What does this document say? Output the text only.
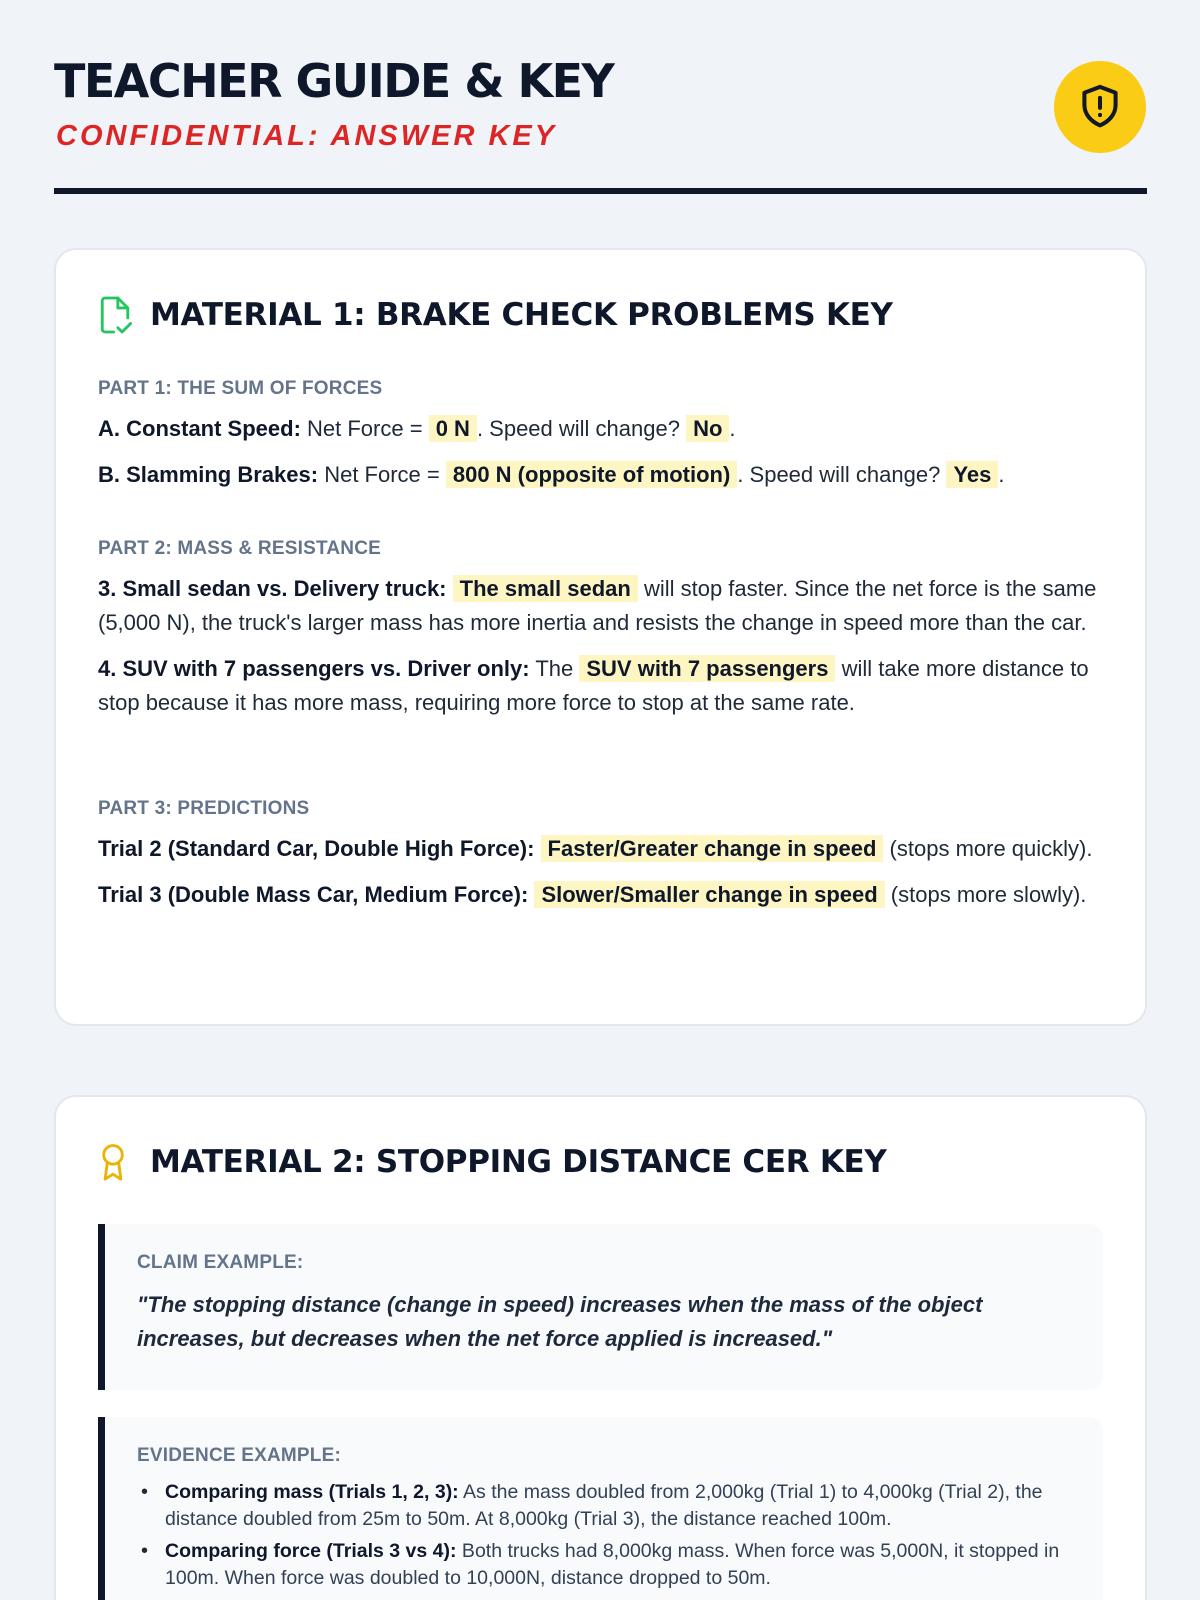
TEACHER GUIDE & KEY
CONFIDENTIAL: ANSWER KEY
MATERIAL 1: BRAKE CHECK PROBLEMS KEY
PART 1: THE SUM OF FORCES

A. Constant Speed: Net Force = 0 N . Speed will change? No .

B. Slamming Brakes: Net Force = 800 N (opposite of motion) . Speed will change? Yes .

PART 2: MASS & RESISTANCE

3. Small sedan vs. Delivery truck: The small sedan will stop faster. Since the net force is the same (5,000 N), the truck's larger mass has more inertia and resists the change in speed more than the car.

4. SUV with 7 passengers vs. Driver only: The SUV with 7 passengers will take more distance to stop because it has more mass, requiring more force to stop at the same rate.

PART 3: PREDICTIONS

Trial 2 (Standard Car, Double High Force): Faster/Greater change in speed (stops more quickly).

Trial 3 (Double Mass Car, Medium Force): Slower/Smaller change in speed (stops more slowly).

MATERIAL 2: STOPPING DISTANCE CER KEY
CLAIM EXAMPLE:
"The stopping distance (change in speed) increases when the mass of the object increases, but decreases when the net force applied is increased."
EVIDENCE EXAMPLE:
• Comparing mass (Trials 1, 2, 3): As the mass doubled from 2,000kg (Trial 1) to 4,000kg (Trial 2), the distance doubled from 25m to 50m. At 8,000kg (Trial 3), the distance reached 100m.
• Comparing force (Trials 3 vs 4): Both trucks had 8,000kg mass. When force was 5,000N, it stopped in 100m. When force was doubled to 10,000N, distance dropped to 50m.
